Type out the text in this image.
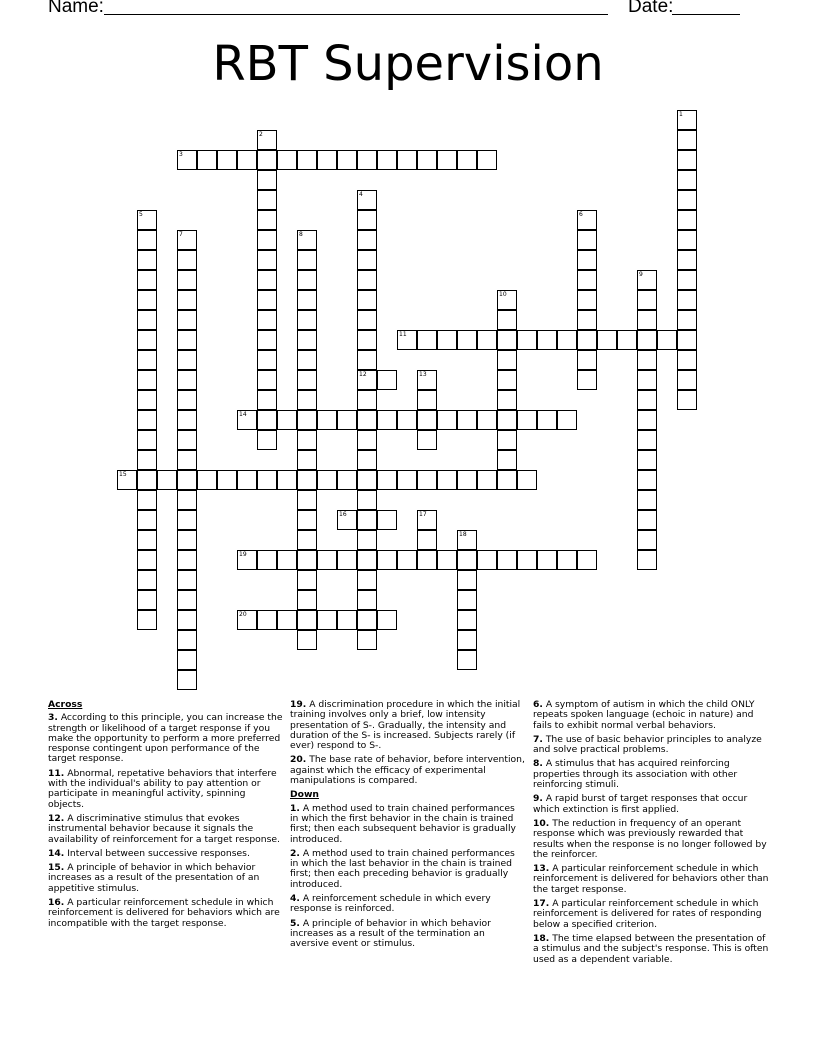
Name:	Date:
RBT Supervision
1
2
3
4
12
5	6
7	8
9
10
11
13
14
15
16	17
18
19
20
Across
3. According to this principle, you can increase the strength or likelihood of a target response if you make the opportunity to perform a more preferred response contingent upon performance of the target response.
11. Abnormal, repetative behaviors that interfere with the individual's ability to pay attention or participate in meaningful activity, spinning objects.
12. A discriminative stimulus that evokes instrumental behavior because it signals the availability of reinforcement for a target response.
14. Interval between successive responses.
15. A principle of behavior in which behavior increases as a result of the presentation of an appetitive stimulus.
16. A particular reinforcement schedule in which reinforcement is delivered for behaviors which are incompatible with the target response.
19. A discrimination procedure in which the initial training involves only a brief, low intensity presentation of S-. Gradually, the intensity and duration of the S- is increased. Subjects rarely (if ever) respond to S-.
20. The base rate of behavior, before intervention, against which the efficacy of experimental manipulations is compared.
Down
1. A method used to train chained performances in which the first behavior in the chain is trained first; then each subsequent behavior is gradually introduced.
2. A method used to train chained performances in which the last behavior in the chain is trained first; then each preceding behavior is gradually introduced.
4. A reinforcement schedule in which every response is reinforced.
5. A principle of behavior in which behavior increases as a result of the termination an aversive event or stimulus.
6. A symptom of autism in which the child ONLY repeats spoken language (echoic in nature) and fails to exhibit normal verbal behaviors.
7. The use of basic behavior principles to analyze and solve practical problems.
8. A stimulus that has acquired reinforcing properties through its association with other reinforcing stimuli.
9. A rapid burst of target responses that occur which extinction is first applied.
10. The reduction in frequency of an operant response which was previously rewarded that results when the response is no longer followed by the reinforcer.
13. A particular reinforcement schedule in which reinforcement is delivered for behaviors other than the target response.
17. A particular reinforcement schedule in which reinforcement is delivered for rates of responding below a specified criterion.
18. The time elapsed between the presentation of a stimulus and the subject's response. This is often used as a dependent variable.
